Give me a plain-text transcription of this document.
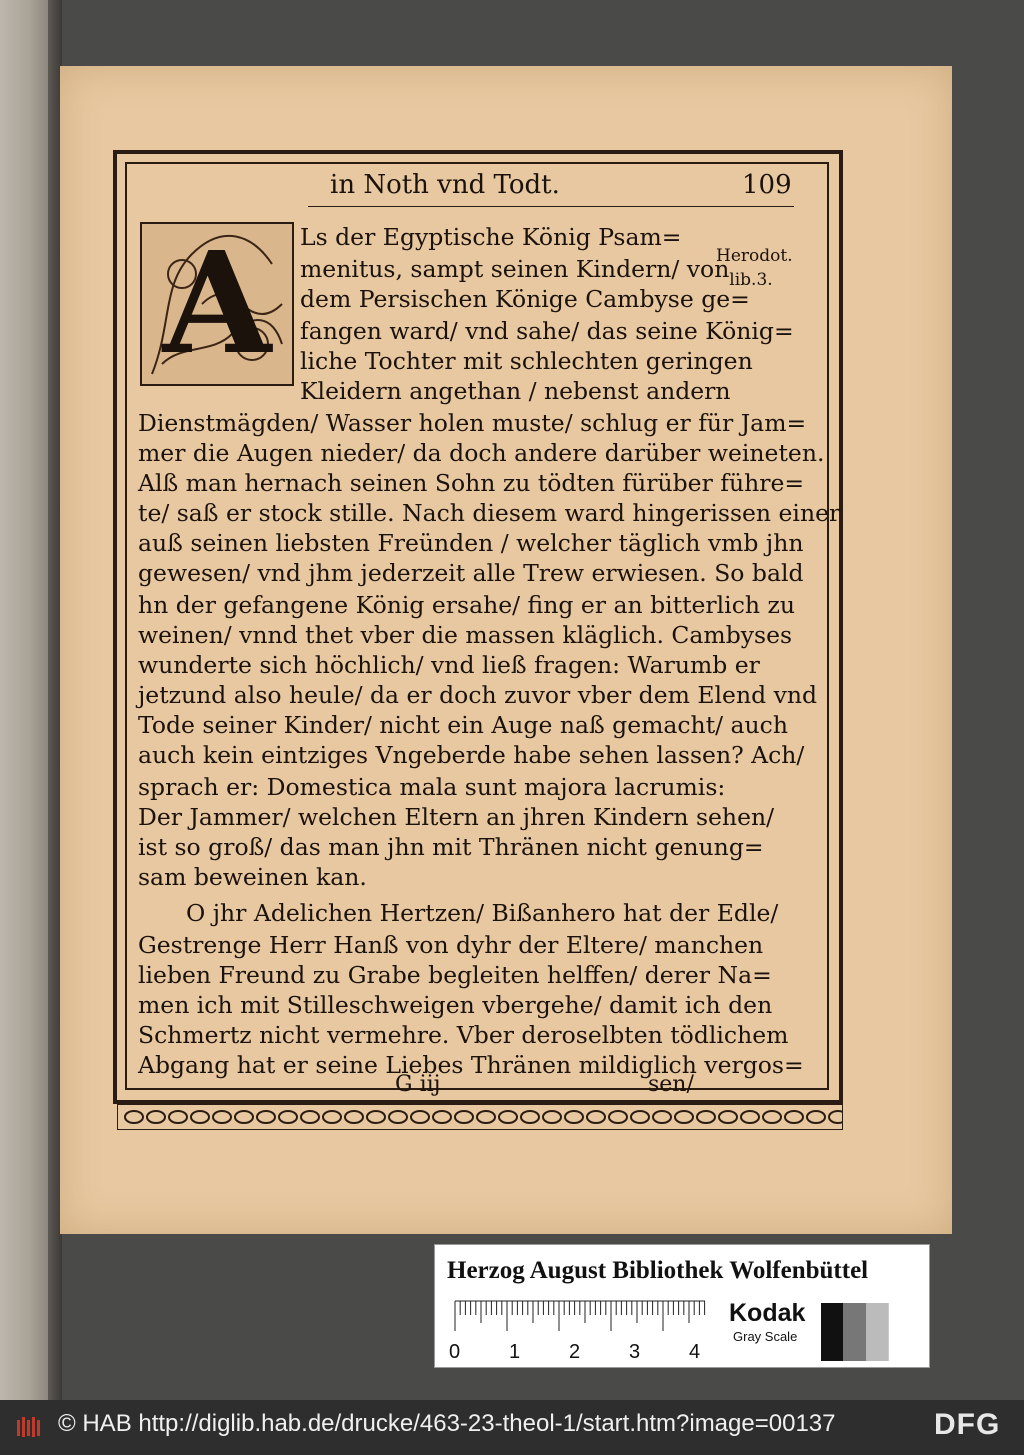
in Noth vnd Todt.	109
A	Herodot. lib.3.
Ls der Egyptische König Psam=
menitus, sampt seinen Kindern/ von
dem Persischen Könige Cambyse ge=
fangen ward/ vnd sahe/ das seine König=
liche Tochter mit schlechten geringen
Kleidern angethan / nebenst andern
Dienstmägden/ Wasser holen muste/ schlug er für Jam=
mer die Augen nieder/ da doch andere darüber weineten.
Alß man hernach seinen Sohn zu tödten fürüber führe=
te/ saß er stock stille. Nach diesem ward hingerissen einer
auß seinen liebsten Freünden / welcher täglich vmb jhn
gewesen/ vnd jhm jederzeit alle Trew erwiesen. So bald
hn der gefangene König ersahe/ fing er an bitterlich zu
weinen/ vnnd thet vber die massen kläglich. Cambyses
wunderte sich höchlich/ vnd ließ fragen: Warumb er
jetzund also heule/ da er doch zuvor vber dem Elend vnd
Tode seiner Kinder/ nicht ein Auge naß gemacht/ auch
auch kein eintziges Vngeberde habe sehen lassen? Ach/
sprach er: Domestica mala sunt majora lacrumis:
Der Jammer/ welchen Eltern an jhren Kindern sehen/
ist so groß/ das man jhn mit Thränen nicht genung=
sam beweinen kan.
O jhr Adelichen Hertzen/ Bißanhero hat der Edle/
Gestrenge Herr Hanß von dyhr der Eltere/ manchen
lieben Freund zu Grabe begleiten helffen/ derer Na=
men ich mit Stilleschweigen vbergehe/ damit ich den
Schmertz nicht vermehre. Vber deroselbten tödlichem
Abgang hat er seine Liebes Thränen mildiglich vergos=
G iij	sen/
Herzog August Bibliothek Wolfenbüttel
0 1 2 3 4
Kodak
Gray Scale
© HAB http://diglib.hab.de/drucke/463-23-theol-1/start.htm?image=00137	DFG
